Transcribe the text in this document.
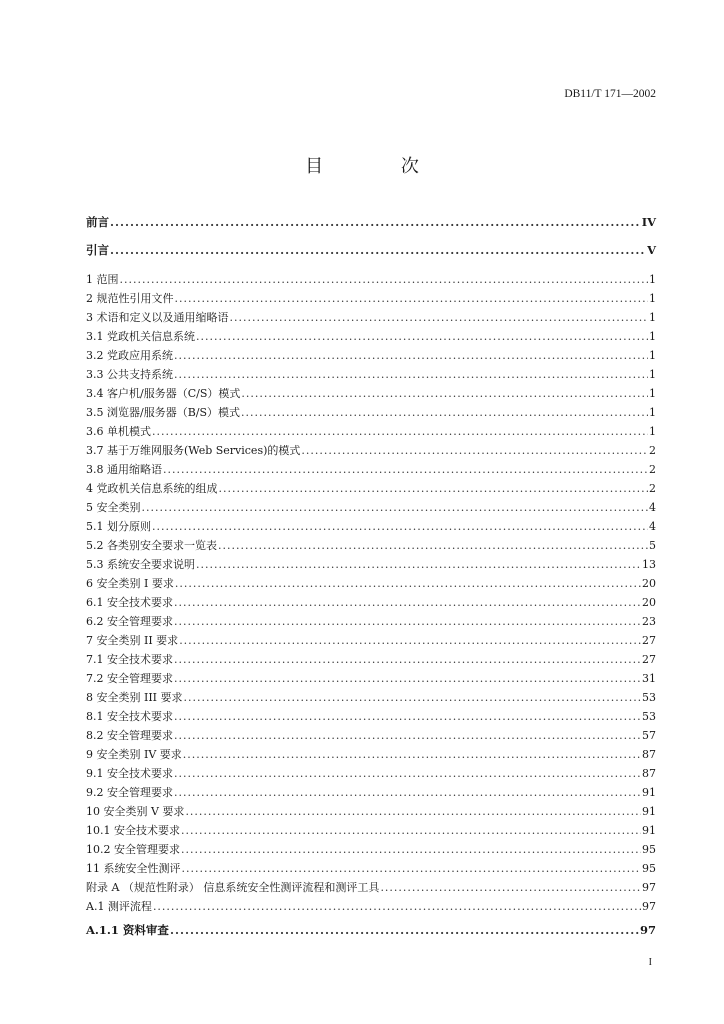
DB11/T 171—2002
目 次
前言 .....	IV
引言 .....	V
1 范围 .....	1
2 规范性引用文件 .....	1
3 术语和定义以及通用缩略语 .....	1
3.1 党政机关信息系统 .....	1
3.2 党政应用系统 .....	1
3.3 公共支持系统 .....	1
3.4 客户机/服务器（C/S）模式 .....	1
3.5 浏览器/服务器（B/S）模式 .....	1
3.6 单机模式 .....	1
3.7 基于万维网服务(Web Services)的模式 .....	2
3.8 通用缩略语 .....	2
4 党政机关信息系统的组成 .....	2
5 安全类别 .....	4
5.1 划分原则 .....	4
5.2 各类别安全要求一览表 .....	5
5.3 系统安全要求说明 .....	13
6 安全类别 I 要求 .....	20
6.1 安全技术要求 .....	20
6.2 安全管理要求 .....	23
7 安全类别 II 要求 .....	27
7.1 安全技术要求 .....	27
7.2 安全管理要求 .....	31
8 安全类别 III 要求 .....	53
8.1 安全技术要求 .....	53
8.2 安全管理要求 .....	57
9 安全类别 IV 要求 .....	87
9.1 安全技术要求 .....	87
9.2 安全管理要求 .....	91
10 安全类别 V 要求 .....	91
10.1 安全技术要求 .....	91
10.2 安全管理要求 .....	95
11 系统安全性测评 .....	95
附录 A （规范性附录） 信息系统安全性测评流程和测评工具 .....	97
A.1 测评流程 .....	97
A.1.1 资料审查 .....	97
I
